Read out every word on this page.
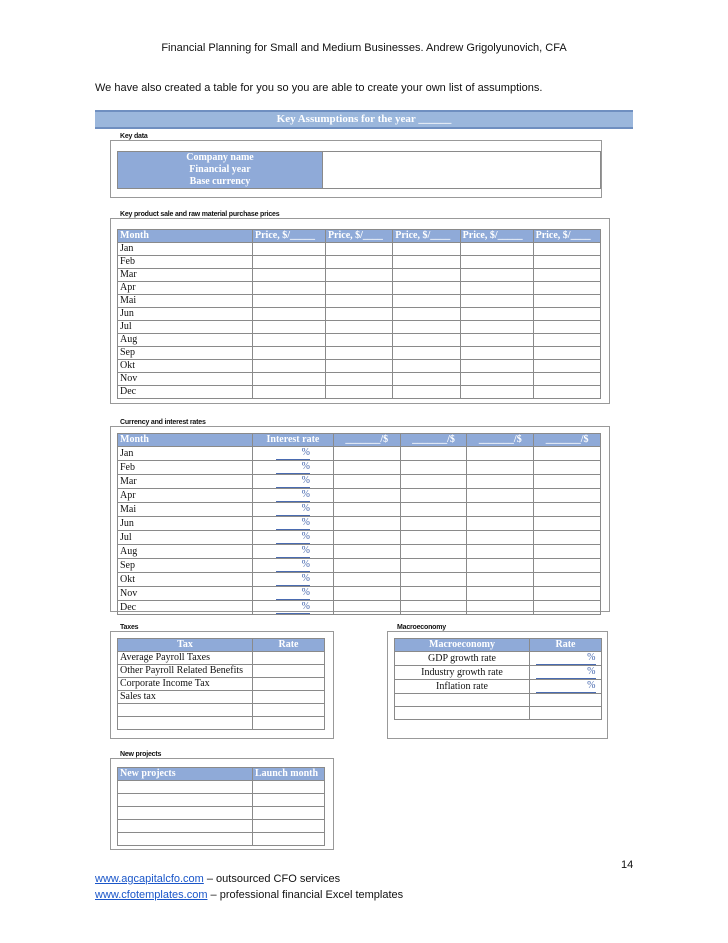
Financial Planning for Small and Medium Businesses. Andrew Grigolyunovich, CFA
We have also created a table for you so you are able to create your own list of assumptions.
Key Assumptions for the year ______
Key data
Company name	
Financial year
Base currency
Key product sale and raw material purchase prices
Month	Price, $/_____	Price, $/____	Price, $/____	Price, $/_____	Price, $/____
Jan					
Feb					
Mar					
Apr					
Mai					
Jun					
Jul					
Aug					
Sep					
Okt					
Nov					
Dec					
Currency and interest rates
Month	Interest rate	_______/$	_______/$	_______/$	_______/$
Jan	%				
Feb	%				
Mar	%				
Apr	%				
Mai	%				
Jun	%				
Jul	%				
Aug	%				
Sep	%				
Okt	%				
Nov	%				
Dec	%				
Taxes
Tax	Rate
Average Payroll Taxes	
Other Payroll Related Benefits	
Corporate Income Tax	
Sales tax	

Macroeconomy
Macroeconomy	Rate
GDP growth rate	%
Industry growth rate	%
Inflation rate	%

New projects
New projects	Launch month

14
www.agcapitalcfo.com – outsourced CFO services
www.cfotemplates.com – professional financial Excel templates
